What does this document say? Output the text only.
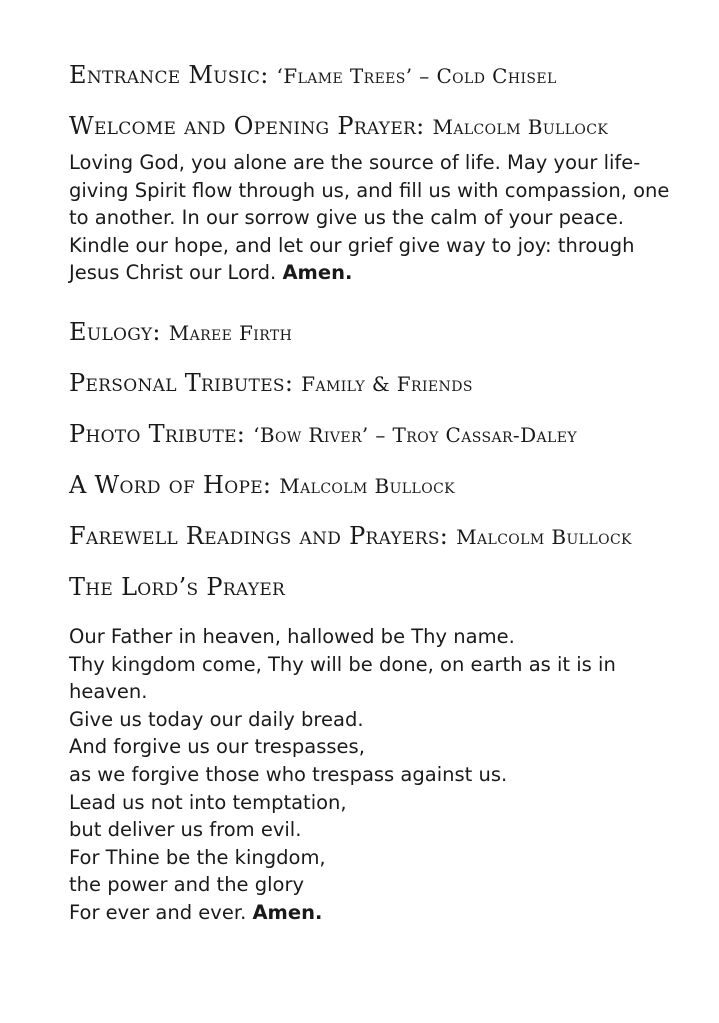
Entrance Music: ‘Flame Trees’ – Cold Chisel
Welcome and Opening Prayer: Malcolm Bullock
Loving God, you alone are the source of life. May your life-
giving Spirit flow through us, and fill us with compassion, one
to another. In our sorrow give us the calm of your peace.
Kindle our hope, and let our grief give way to joy: through
Jesus Christ our Lord. Amen.
Eulogy: Maree Firth
Personal Tributes: Family & Friends
Photo Tribute: ‘Bow River’ – Troy Cassar-Daley
A Word of Hope: Malcolm Bullock
Farewell Readings and Prayers: Malcolm Bullock
The Lord’s Prayer
Our Father in heaven, hallowed be Thy name.
Thy kingdom come, Thy will be done, on earth as it is in
heaven.
Give us today our daily bread.
And forgive us our trespasses,
as we forgive those who trespass against us.
Lead us not into temptation,
but deliver us from evil.
For Thine be the kingdom,
the power and the glory
For ever and ever. Amen.
